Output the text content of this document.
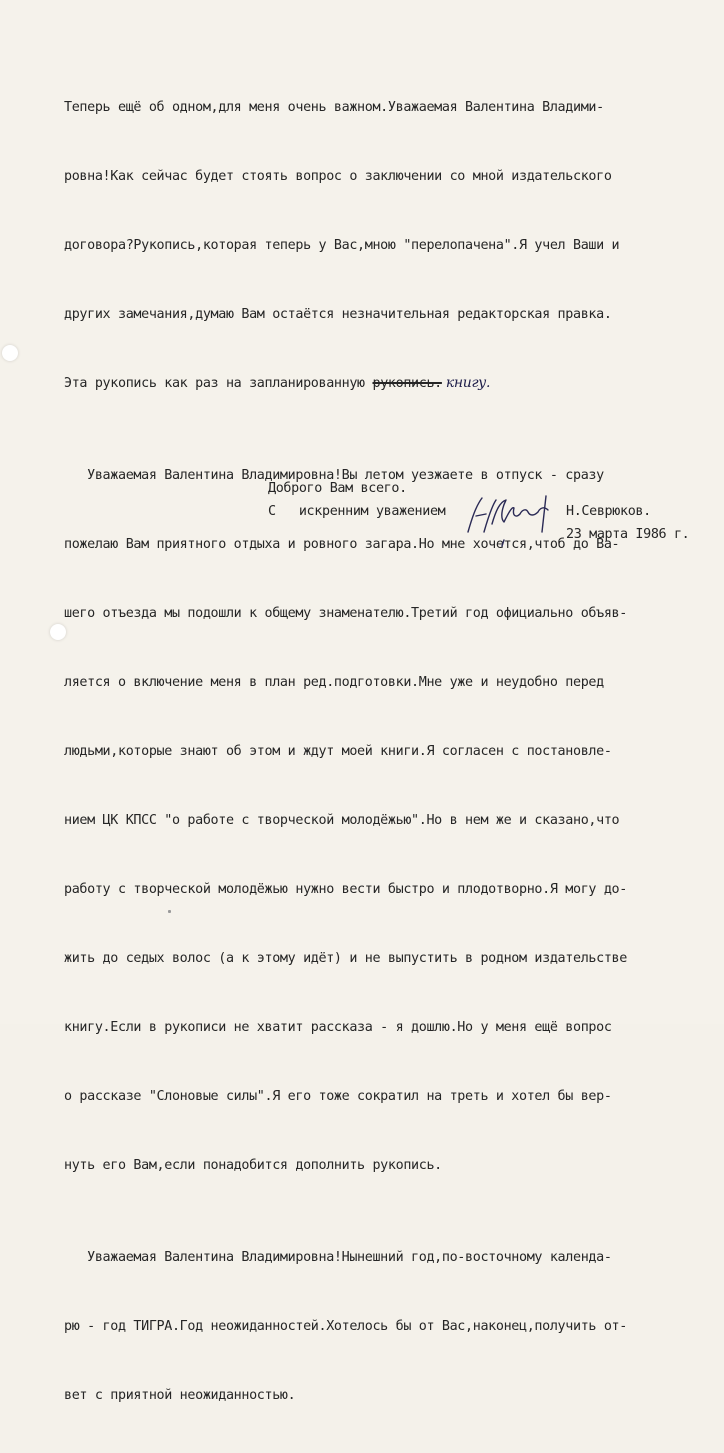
Теперь ещё об одном,для меня очень важном.Уважаемая Валентина Владими-

ровна!Как сейчас будет стоять вопрос о заключении со мной издательского

договора?Рукопись,которая теперь у Вас,мною "перелопачена".Я учел Ваши и

других замечания,думаю Вам остаётся незначительная редакторская правка.

Эта рукопись как раз на запланированную рукопись. книгу.

Уважаемая Валентина Владимировна!Вы летом уезжаете в отпуск - сразу

пожелаю Вам приятного отдыха и ровного загара.Но мне хочется,чтоб до Ва-

шего отъезда мы подошли к общему знаменателю.Третий год официально объяв-

ляется о включение меня в план ред.подготовки.Мне уже и неудобно перед

людьми,которые знают об этом и ждут моей книги.Я согласен с постановле-

нием ЦК КПСС "о работе с творческой молодёжью".Но в нем же и сказано,что

работу с творческой молодёжью нужно вести быстро и плодотворно.Я могу до-

жить до седых волос (а к этому идёт) и не выпустить в родном издательстве

книгу.Если в рукописи не хватит рассказа - я дошлю.Но у меня ещё вопрос

о рассказе "Слоновые силы".Я его тоже сократил на треть и хотел бы вер-

нуть его Вам,если понадобится дополнить рукопись.

Уважаемая Валентина Владимировна!Нынешний год,по-восточному календа-

рю - год ТИГРА.Год неожиданностей.Хотелось бы от Вас,наконец,получить от-

вет с приятной неожиданностью.

Доброго Вам всего.
С   искренним уважением	Н.Севрюков.
23 марта I986 г.
